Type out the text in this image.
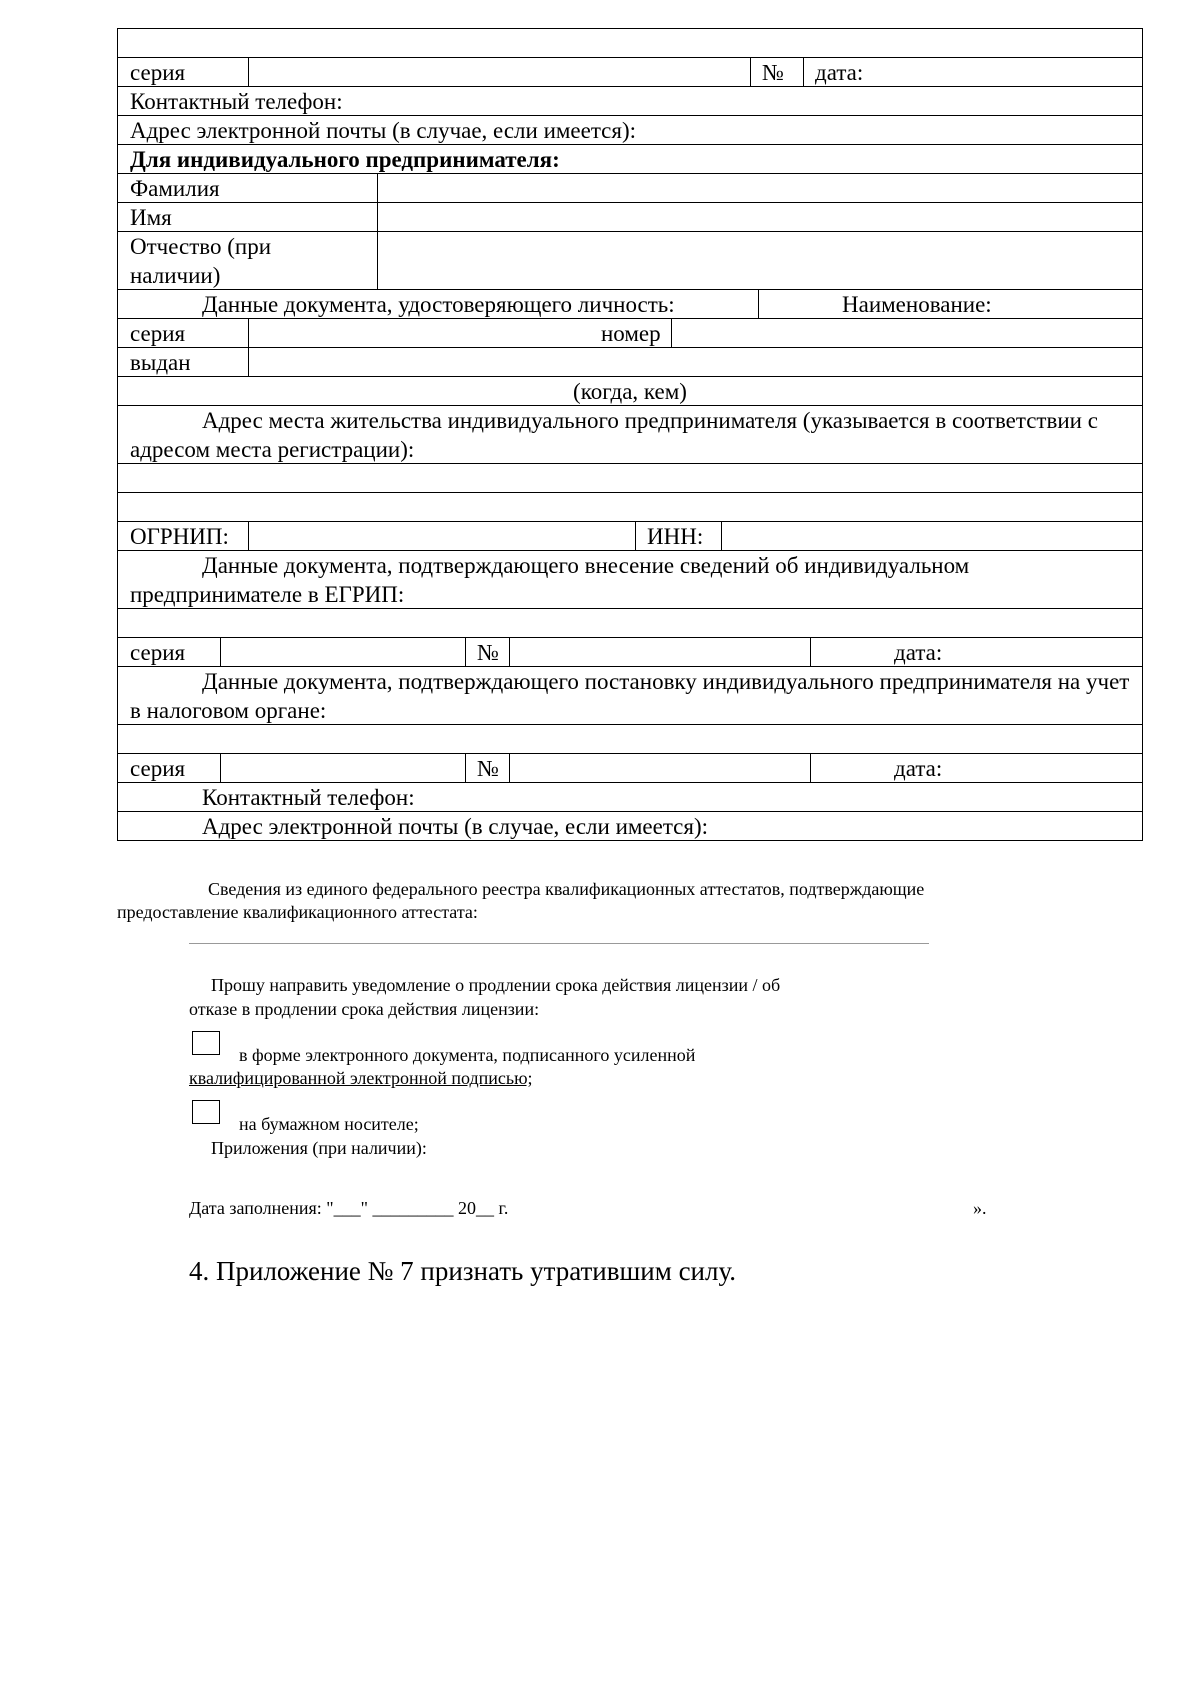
серия	№	дата:
Контактный телефон:
Адрес электронной почты (в случае, если имеется):
Для индивидуального предпринимателя:
Фамилия
Имя
Отчество (при
наличии)
Данные документа, удостоверяющего личность:	Наименование:
серия	номер
выдан
(когда, кем)
Адрес места жительства индивидуального предпринимателя (указывается в соответствии с адресом места регистрации):
ОГРНИП:	ИНН:
Данные документа, подтверждающего внесение сведений об индивидуальном предпринимателе в ЕГРИП:
серия	№	дата:
Данные документа, подтверждающего постановку индивидуального предпринимателя на учет в налоговом органе:
серия	№	дата:
Контактный телефон:
Адрес электронной почты (в случае, если имеется):
Сведения из единого федерального реестра квалификационных аттестатов, подтверждающие
предоставление квалификационного аттестата:
Прошу направить уведомление о продлении срока действия лицензии / об
отказе в продлении срока действия лицензии:
в форме электронного документа, подписанного усиленной
квалифицированной электронной подписью;
на бумажном носителе;
Приложения (при наличии):
Дата заполнения: "___" _________ 20__ г.	».
4. Приложение № 7 признать утратившим силу.
